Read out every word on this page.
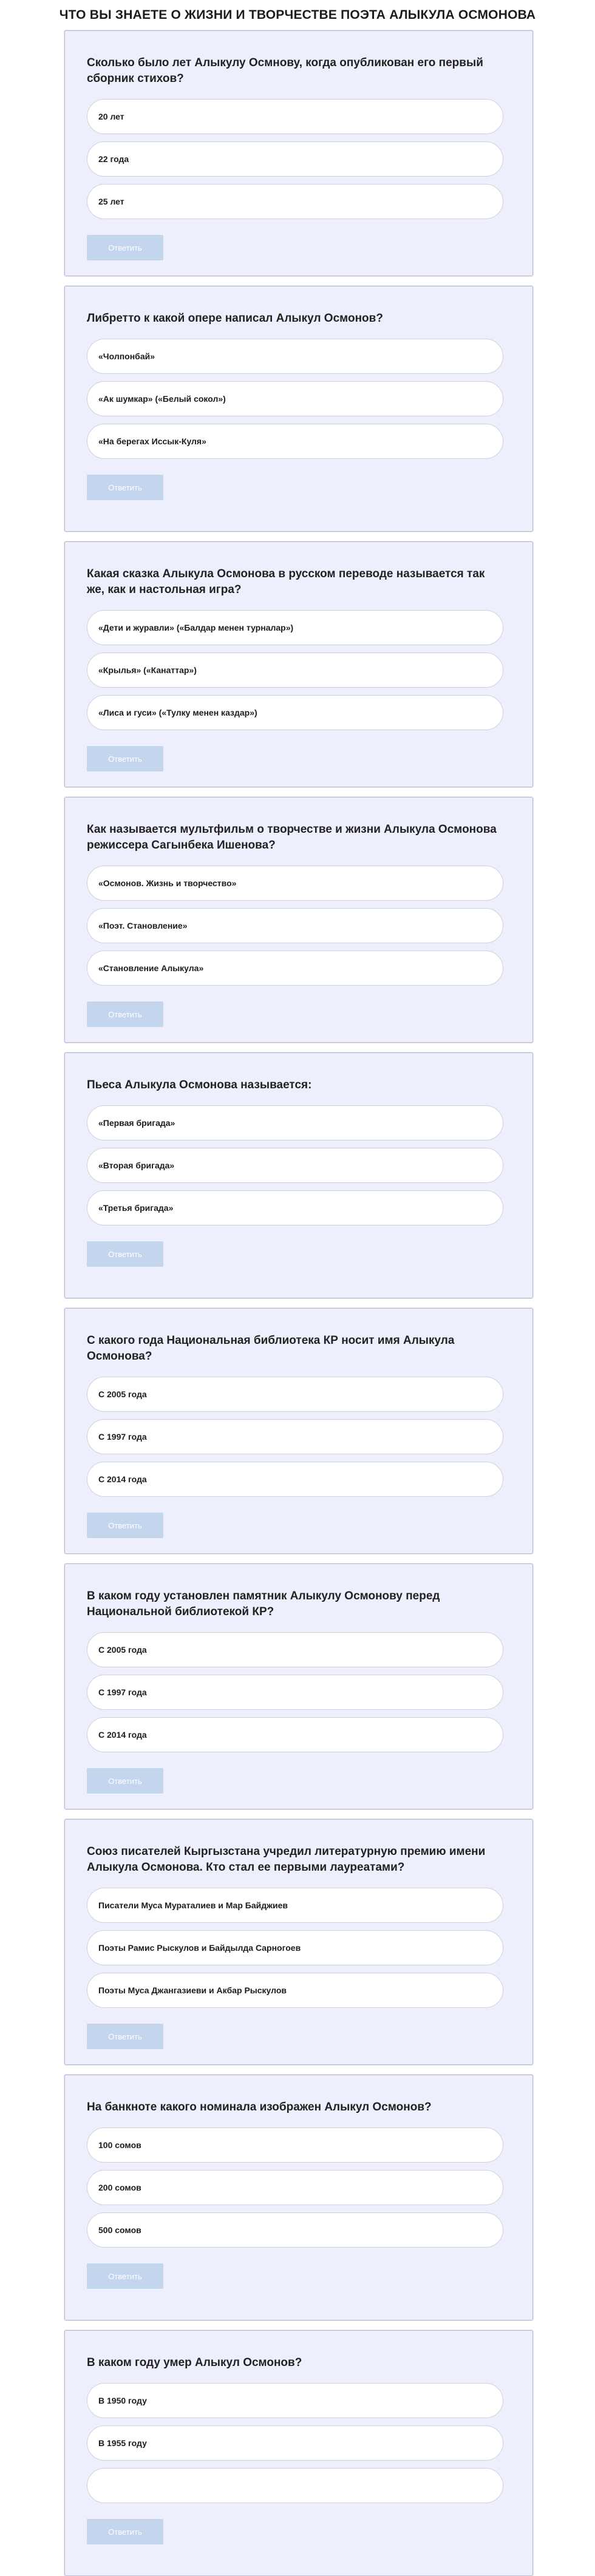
ЧТО ВЫ ЗНАЕТЕ О ЖИЗНИ И ТВОРЧЕСТВЕ ПОЭТА АЛЫКУЛА ОСМОНОВА
Сколько было лет Алыкулу Осмнову, когда опубликован его первый сборник стихов?
20 лет
22 года
25 лет
Ответить
Либретто к какой опере написал Алыкул Осмонов?
«Чолпонбай»
«Ак шумкар» («Белый сокол»)
«На берегах Иссык-Куля»
Ответить
Какая сказка Алыкула Осмонова в русском переводе называется так же, как и настольная игра?
«Дети и журавли» («Балдар менен турналар»)
«Крылья» («Канаттар»)
«Лиса и гуси» («Тулку менен каздар»)
Ответить
Как называется мультфильм о творчестве и жизни Алыкула Осмонова режиссера Сагынбека Ишенова?
«Осмонов. Жизнь и творчество»
«Поэт. Становление»
«Становление Алыкула»
Ответить
Пьеса Алыкула Осмонова называется:
«Первая бригада»
«Вторая бригада»
«Третья бригада»
Ответить
С какого года Национальная библиотека КР носит имя Алыкула Осмонова?
С 2005 года
С 1997 года
С 2014 года
Ответить
В каком году установлен памятник Алыкулу Осмонову перед Национальной библиотекой КР?
С 2005 года
С 1997 года
С 2014 года
Ответить
Союз писателей Кыргызстана учредил литературную премию имени Алыкула Осмонова. Кто стал ее первыми лауреатами?
Писатели Муса Мураталиев и Мар Байджиев
Поэты Рамис Рыскулов и Байдылда Сарногоев
Поэты Муса Джангазиеви и Акбар Рыскулов
Ответить
На банкноте какого номинала изображен Алыкул Осмонов?
100 сомов
200 сомов
500 сомов
Ответить
В каком году умер Алыкул Осмонов?
В 1950 году
В 1955 году
Ответить
